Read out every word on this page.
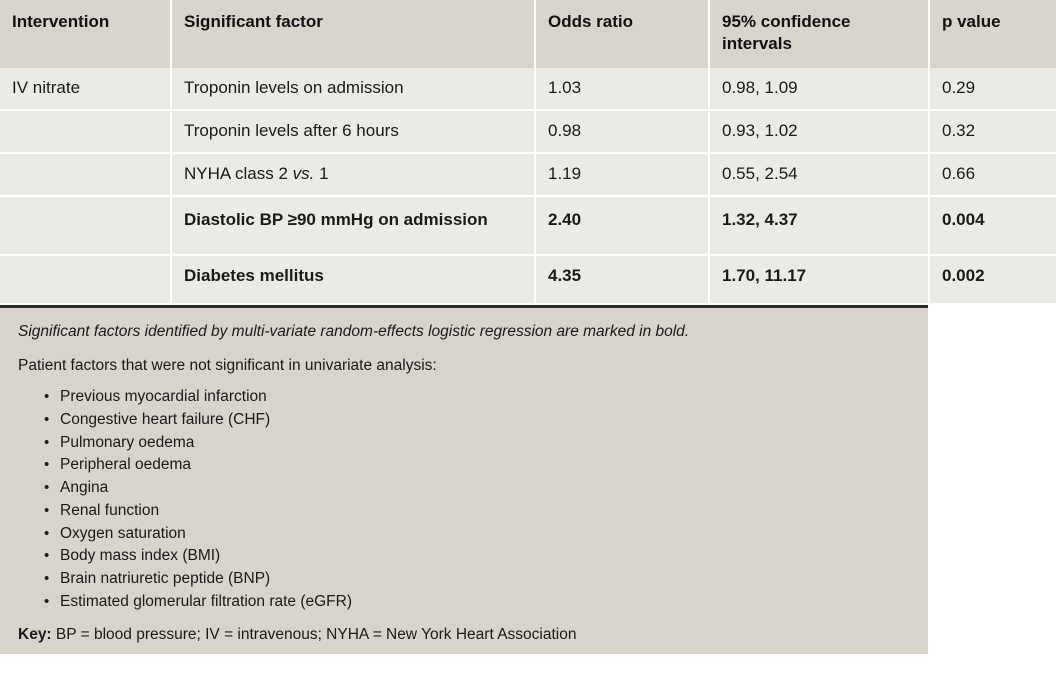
Intervention	Significant factor	Odds ratio	95% confidence intervals	p value
IV nitrate	Troponin levels on admission	1.03	0.98, 1.09	0.29
	Troponin levels after 6 hours	0.98	0.93, 1.02	0.32
	NYHA class 2 vs. 1	1.19	0.55, 2.54	0.66
	Diastolic BP ≥90 mmHg on admission	2.40	1.32, 4.37	0.004
	Diabetes mellitus	4.35	1.70, 11.17	0.002

Significant factors identified by multi-variate random-effects logistic regression are marked in bold.

Patient factors that were not significant in univariate analysis:

• Previous myocardial infarction
• Congestive heart failure (CHF)
• Pulmonary oedema
• Peripheral oedema
• Angina
• Renal function
• Oxygen saturation
• Body mass index (BMI)
• Brain natriuretic peptide (BNP)
• Estimated glomerular filtration rate (eGFR)

Key: BP = blood pressure; IV = intravenous; NYHA = New York Heart Association
